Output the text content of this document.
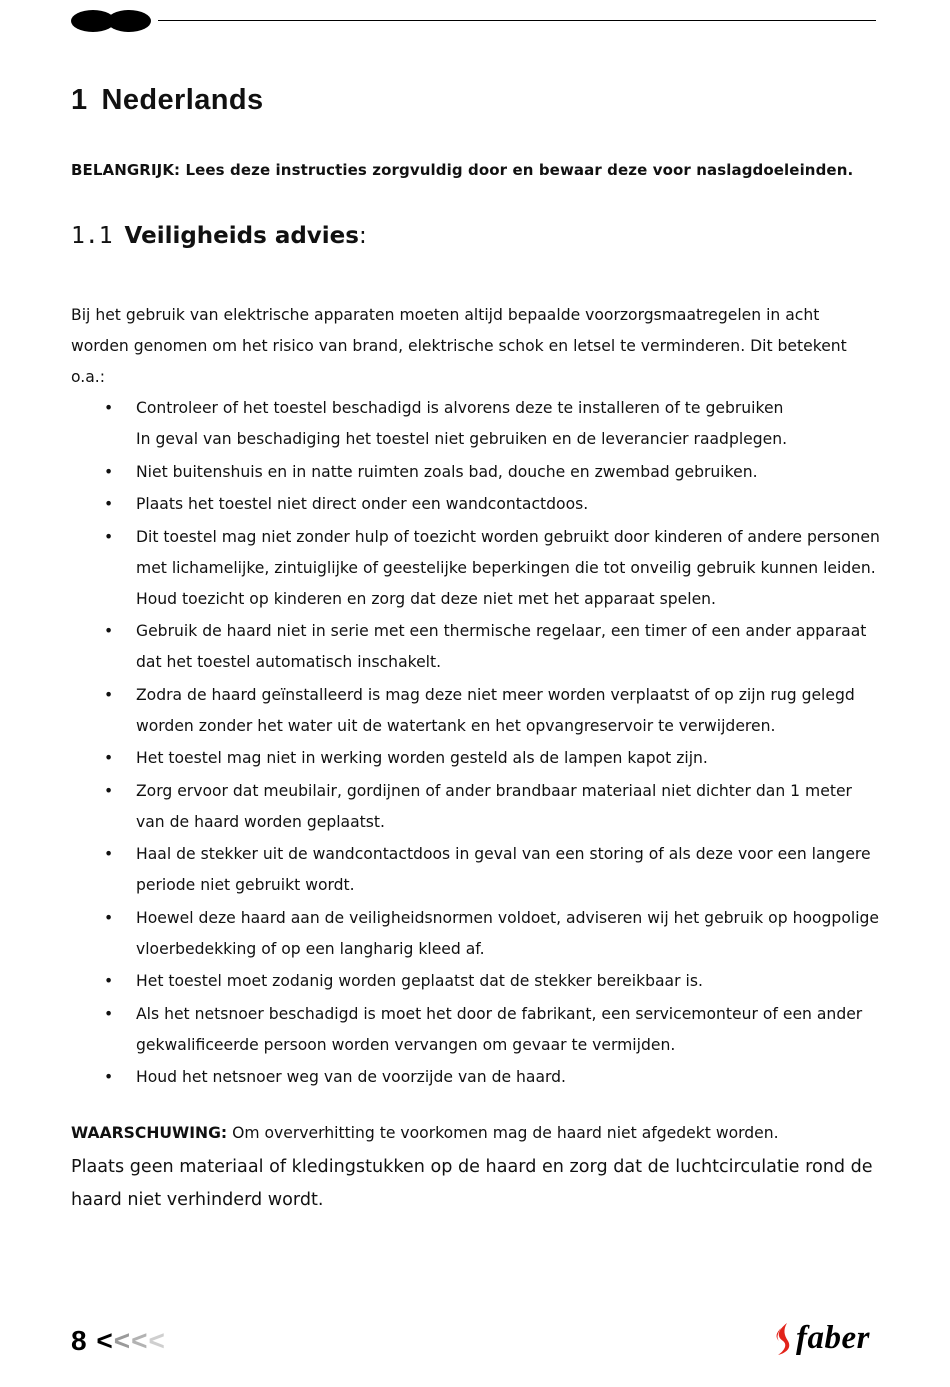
1 Nederlands
BELANGRIJK: Lees deze instructies zorgvuldig door en bewaar deze voor naslagdoeleinden.
1.1 Veiligheids advies:
Bij het gebruik van elektrische apparaten moeten altijd bepaalde voorzorgsmaatregelen in acht worden genomen om het risico van brand, elektrische schok en letsel te verminderen. Dit betekent o.a.:
• Controleer of het toestel beschadigd is alvorens deze te installeren of te gebruiken
In geval van beschadiging het toestel niet gebruiken en de leverancier raadplegen.
• Niet buitenshuis en in natte ruimten zoals bad, douche en zwembad gebruiken.
• Plaats het toestel niet direct onder een wandcontactdoos.
• Dit toestel mag niet zonder hulp of toezicht worden gebruikt door kinderen of andere personen met lichamelijke, zintuiglijke of geestelijke beperkingen die tot onveilig gebruik kunnen leiden. Houd toezicht op kinderen en zorg dat deze niet met het apparaat spelen.
• Gebruik de haard niet in serie met een thermische regelaar, een timer of een ander apparaat dat het toestel automatisch inschakelt.
• Zodra de haard geïnstalleerd is mag deze niet meer worden verplaatst of op zijn rug gelegd worden zonder het water uit de watertank en het opvangreservoir te verwijderen.
• Het toestel mag niet in werking worden gesteld als de lampen kapot zijn.
• Zorg ervoor dat meubilair, gordijnen of ander brandbaar materiaal niet dichter dan 1 meter van de haard worden geplaatst.
• Haal de stekker uit de wandcontactdoos in geval van een storing of als deze voor een langere periode niet gebruikt wordt.
• Hoewel deze haard aan de veiligheidsnormen voldoet, adviseren wij het gebruik op hoogpolige vloerbedekking of op een langharig kleed af.
• Het toestel moet zodanig worden geplaatst dat de stekker bereikbaar is.
• Als het netsnoer beschadigd is moet het door de fabrikant, een servicemonteur of een ander gekwalificeerde persoon worden vervangen om gevaar te vermijden.
• Houd het netsnoer weg van de voorzijde van de haard.
WAARSCHUWING: Om oververhitting te voorkomen mag de haard niet afgedekt worden.
Plaats geen materiaal of kledingstukken op de haard en zorg dat de luchtcirculatie rond de haard niet verhinderd wordt.
8 <<<<	faber
